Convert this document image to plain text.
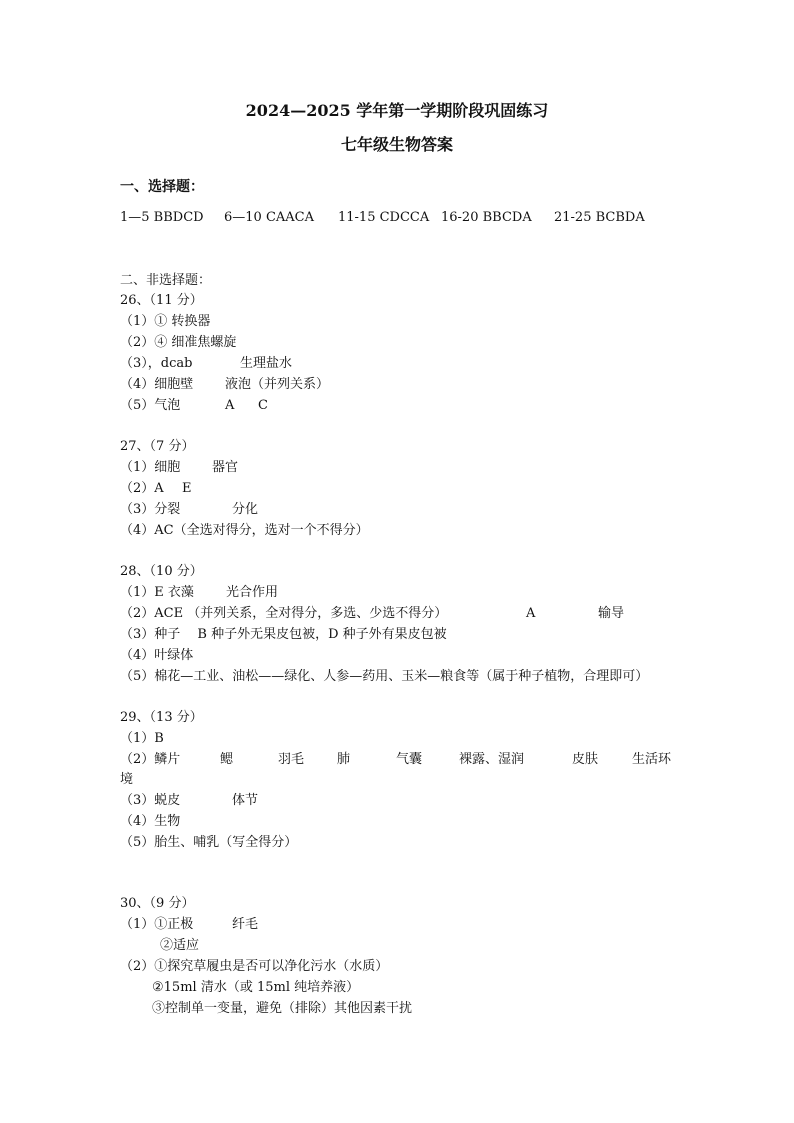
2024—2025 学年第一学期阶段巩固练习
七年级生物答案
一、选择题：
1—5 BBDCD 6—10 CAACA 11-15 CDCCA 16-20 BBCDA 21-25 BCBDA
二、非选择题：
26、（11 分）
（1）① 转换器
（2）④ 细准焦螺旋
（3），dcab	生理盐水
（4）细胞壁 液泡（并列关系）
（5）气泡	A C
27、（7 分）
（1）细胞 器官
（2）A E
（3）分裂	分化
（4）AC（全选对得分，选对一个不得分）
28、（10 分）
（1）E 衣藻 光合作用
（2）ACE （并列关系，全对得分，多选、少选不得分）	A	输导
（3）种子　 B 种子外无果皮包被，D 种子外有果皮包被
（4）叶绿体
（5）棉花—工业、油松——绿化、人参—药用、玉米—粮食等（属于种子植物，合理即可）
29、（13 分）
（1）B
（2）鳞片	鳃	羽毛	肺	气囊	裸露、湿润	皮肤	生活环
境
（3）蜕皮	体节
（4）生物
（5）胎生、哺乳（写全得分）
30、（9 分）
（1）①正极	纤毛
②适应
（2）①探究草履虫是否可以净化污水（水质）
②15ml 清水（或 15ml 纯培养液）
③控制单一变量，避免（排除）其他因素干扰
